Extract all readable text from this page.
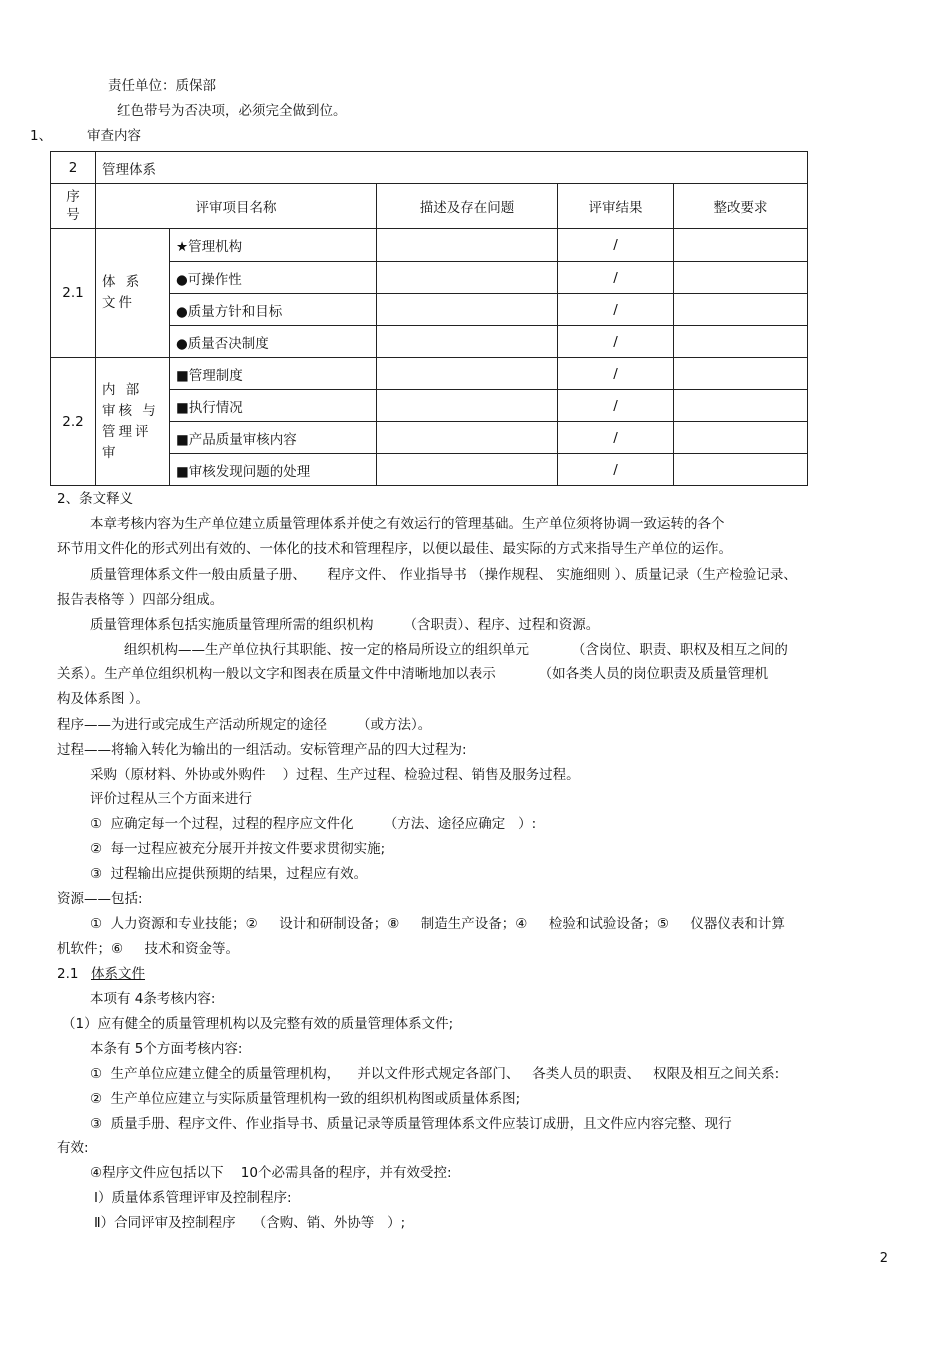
责任单位：质保部
红色带号为否决项，必须完全做到位。
1、	审查内容
2	管理体系				
序号	评审项目名称		描述及存在问题	评审结果	整改要求
2.1	体 系 文件	★管理机构		/	
		●可操作性		/	
		●质量方针和目标		/	
		●质量否决制度		/	
2.2	内 部 审核 与 管理评审	■管理制度		/	
		■执行情况		/	
		■产品质量审核内容		/	
		■审核发现问题的处理		/	
2、条文释义
本章考核内容为生产单位建立质量管理体系并使之有效运行的管理基础。生产单位须将协调一致运转的各个
环节用文件化的形式列出有效的、一体化的技术和管理程序，以便以最佳、最实际的方式来指导生产单位的运作。
质量管理体系文件一般由质量子册、     程序文件、 作业指导书 （操作规程、 实施细则 ）、质量记录（生产检验记录、
报告表格等 ）四部分组成。
质量管理体系包括实施质量管理所需的组织机构       （含职责）、程序、过程和资源。
组织机构——生产单位执行其职能、按一定的格局所设立的组织单元          （含岗位、职责、职权及相互之间的
关系）。生产单位组织机构一般以文字和图表在质量文件中清晰地加以表示          （如各类人员的岗位职责及质量管理机
构及体系图 ）。
程序——为进行或完成生产活动所规定的途径       （或方法）。
过程——将输入转化为输出的一组活动。安标管理产品的四大过程为:
采购（原材料、外协或外购件    ）过程、生产过程、检验过程、销售及服务过程。
评价过程从三个方面来进行
①  应确定每一个过程，过程的程序应文件化       （方法、途径应确定   ）:
②  每一过程应被充分展开并按文件要求贯彻实施;
③  过程输出应提供预期的结果，过程应有效。
资源——包括:
①  人力资源和专业技能；②     设计和研制设备；⑧     制造生产设备；④     检验和试验设备；⑤     仪器仪表和计算
机软件；⑥     技术和资金等。
2.1 体系文件
本项有 4条考核内容:
（1）应有健全的质量管理机构以及完整有效的质量管理体系文件;
本条有 5个方面考核内容:
①  生产单位应建立健全的质量管理机构，    并以文件形式规定各部门、   各类人员的职责、   权限及相互之间关系:
②  生产单位应建立与实际质量管理机构一致的组织机构图或质量体系图;
③  质量手册、程序文件、作业指导书、质量记录等质量管理体系文件应装订成册，且文件应内容完整、现行
有效:
④程序文件应包括以下    10个必需具备的程序，并有效受控:
Ⅰ）质量体系管理评审及控制程序:
Ⅱ）合同评审及控制程序    （含购、销、外协等   ）;
2
